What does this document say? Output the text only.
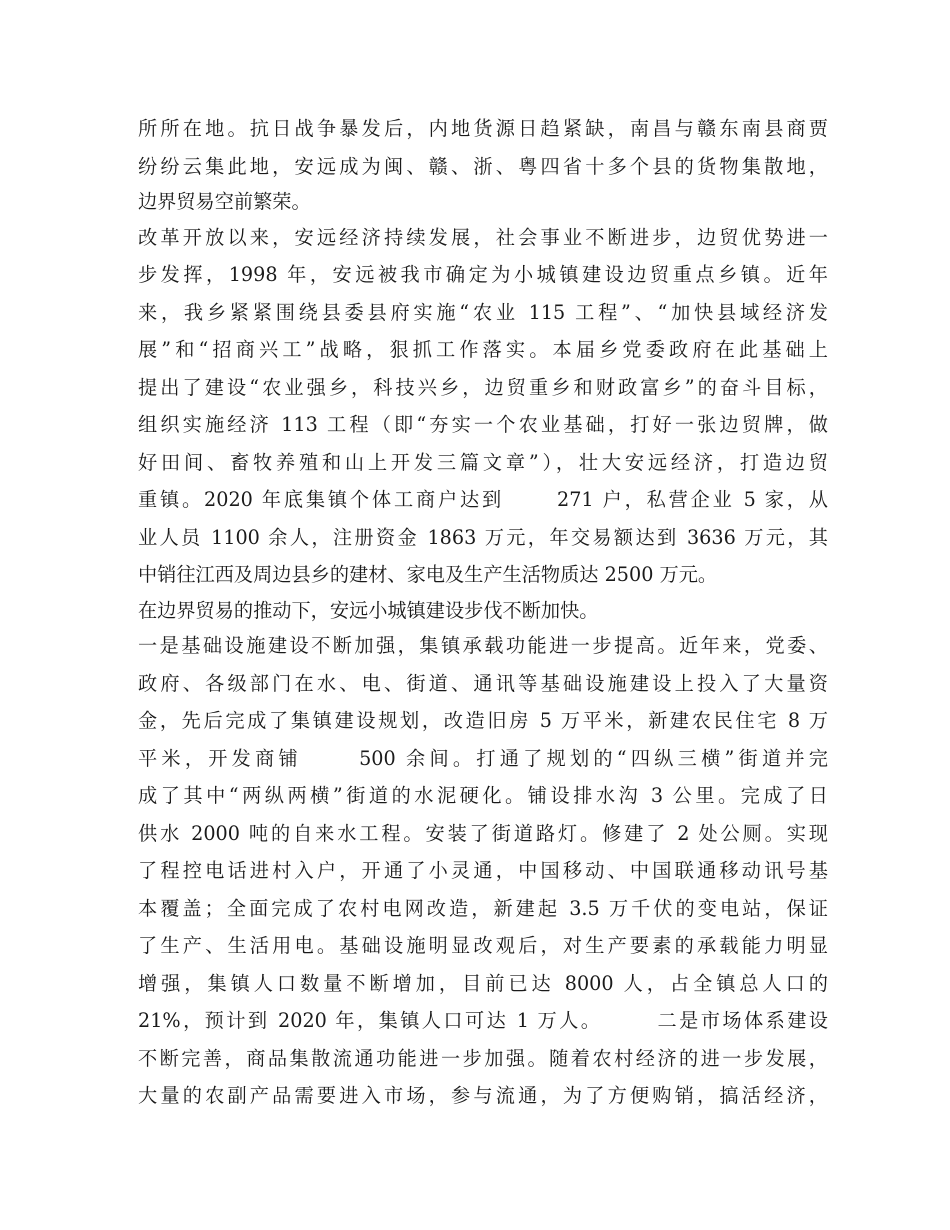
所所在地。抗日战争暴发后，内地货源日趋紧缺，南昌与赣东南县商贾
纷纷云集此地，安远成为闽、赣、浙、粤四省十多个县的货物集散地，
边界贸易空前繁荣。
改革开放以来，安远经济持续发展，社会事业不断进步，边贸优势进一
步发挥，1998 年，安远被我市确定为小城镇建设边贸重点乡镇。近年
来，我乡紧紧围绕县委县府实施“农业 115 工程”、“加快县域经济发
展”和“招商兴工”战略，狠抓工作落实。本届乡党委政府在此基础上
提出了建设“农业强乡，科技兴乡，边贸重乡和财政富乡”的奋斗目标，
组织实施经济 113 工程（即“夯实一个农业基础，打好一张边贸牌，做
好田间、畜牧养殖和山上开发三篇文章”），壮大安远经济，打造边贸
重镇。2020 年底集镇个体工商户达到　　 271 户，私营企业 5 家，从
业人员 1100 余人，注册资金 1863 万元，年交易额达到 3636 万元，其
中销往江西及周边县乡的建材、家电及生产生活物质达 2500 万元。
在边界贸易的推动下，安远小城镇建设步伐不断加快。
一是基础设施建设不断加强，集镇承载功能进一步提高。近年来，党委、
政府、各级部门在水、电、街道、通讯等基础设施建设上投入了大量资
金，先后完成了集镇建设规划，改造旧房 5 万平米，新建农民住宅 8 万
平米，开发商铺　　 500 余间。打通了规划的“四纵三横”街道并完
成了其中“两纵两横”街道的水泥硬化。铺设排水沟 3 公里。完成了日
供水 2000 吨的自来水工程。安装了街道路灯。修建了 2 处公厕。实现
了程控电话进村入户，开通了小灵通，中国移动、中国联通移动讯号基
本覆盖；全面完成了农村电网改造，新建起 3.5 万千伏的变电站，保证
了生产、生活用电。基础设施明显改观后，对生产要素的承载能力明显
增强，集镇人口数量不断增加，目前已达 8000 人，占全镇总人口的
21%，预计到 2020 年，集镇人口可达 1 万人。　　　二是市场体系建设
不断完善，商品集散流通功能进一步加强。随着农村经济的进一步发展，
大量的农副产品需要进入市场，参与流通，为了方便购销，搞活经济，
